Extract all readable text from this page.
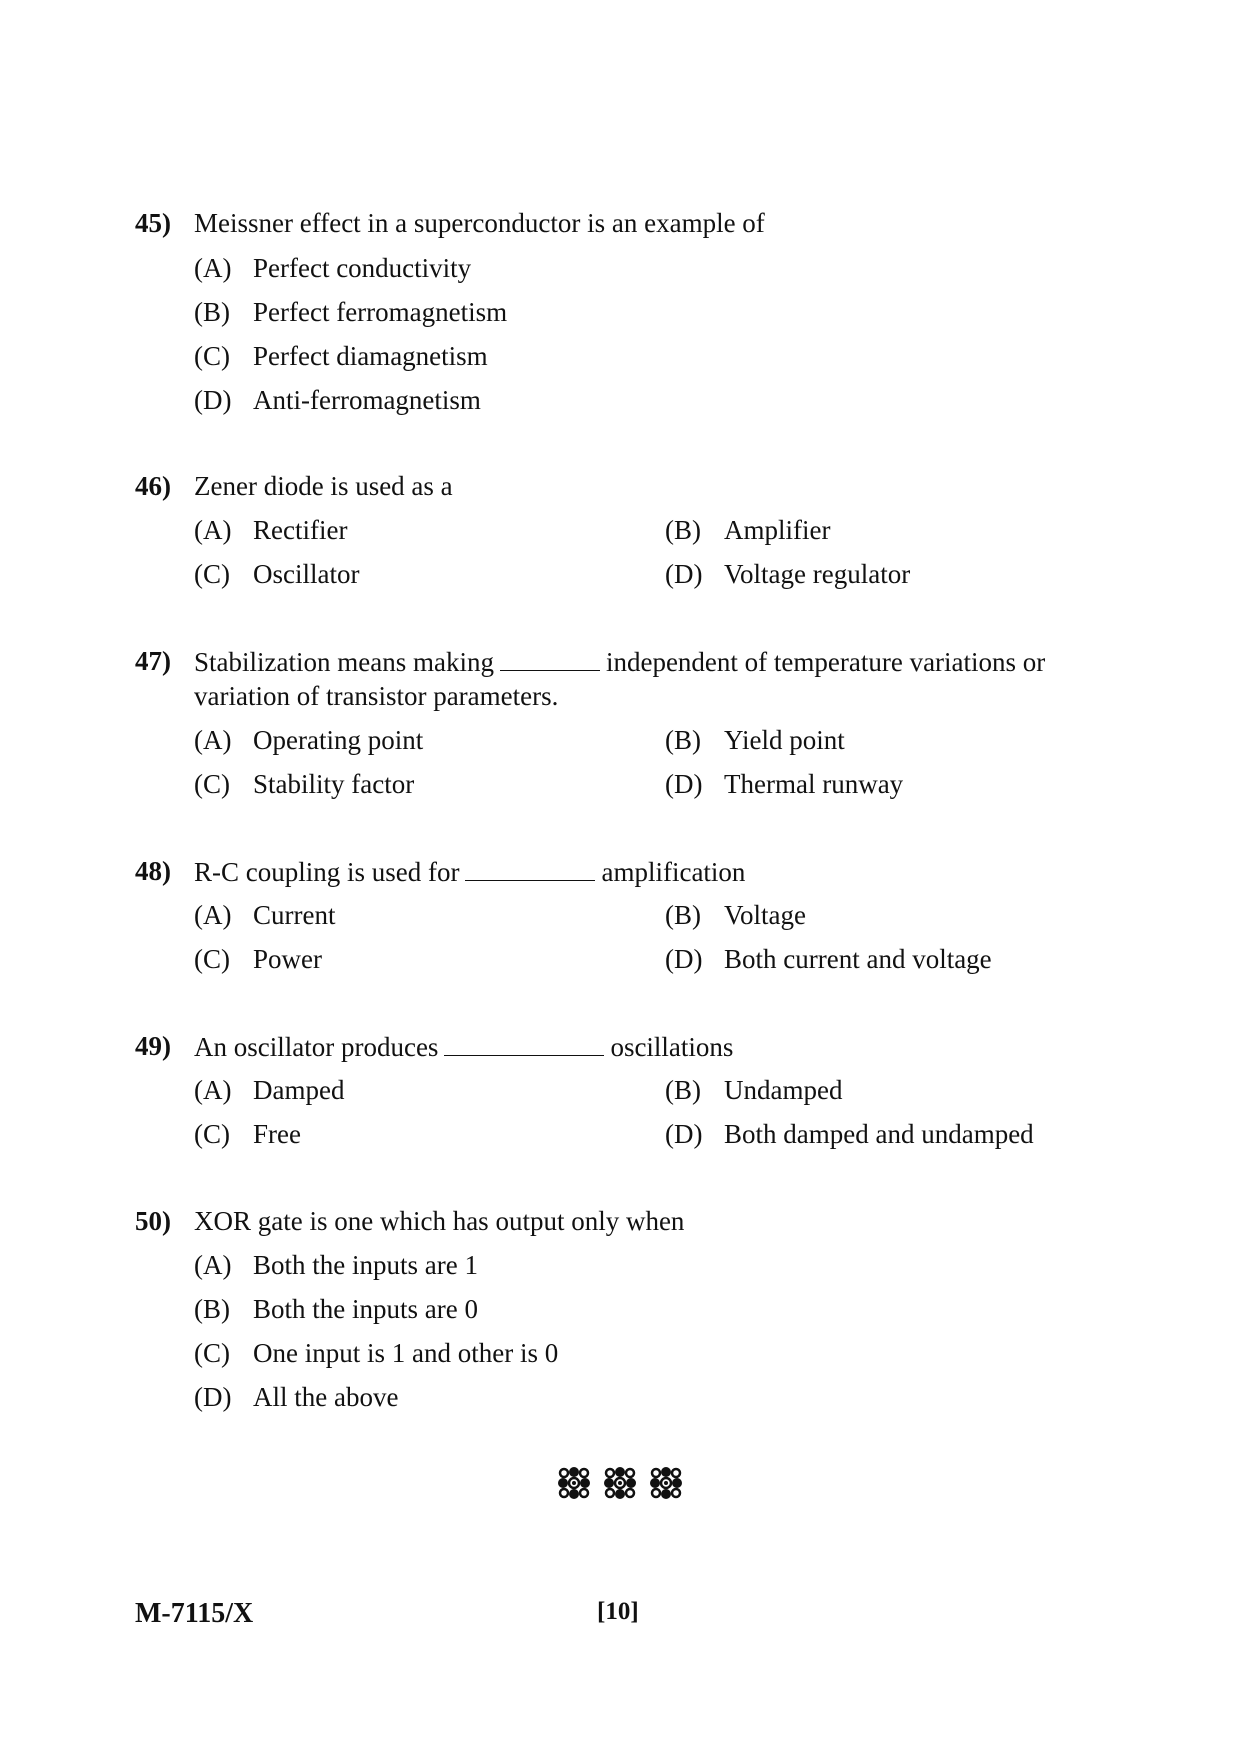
45) Meissner effect in a superconductor is an example of
(A) Perfect conductivity
(B) Perfect ferromagnetism
(C) Perfect diamagnetism
(D) Anti-ferromagnetism
46) Zener diode is used as a
(A) Rectifier	(B) Amplifier
(C) Oscillator	(D) Voltage regulator
47) Stabilization means making	independent of temperature variations or
variation of transistor parameters.
(A) Operating point	(B) Yield point
(C) Stability factor	(D) Thermal runway
48) R-C coupling is used for	amplification
(A) Current	(B) Voltage
(C) Power	(D) Both current and voltage
49) An oscillator produces	oscillations
(A) Damped	(B) Undamped
(C) Free	(D) Both damped and undamped
50) XOR gate is one which has output only when
(A) Both the inputs are 1
(B) Both the inputs are 0
(C) One input is 1 and other is 0
(D) All the above
M-7115/X	[10]
